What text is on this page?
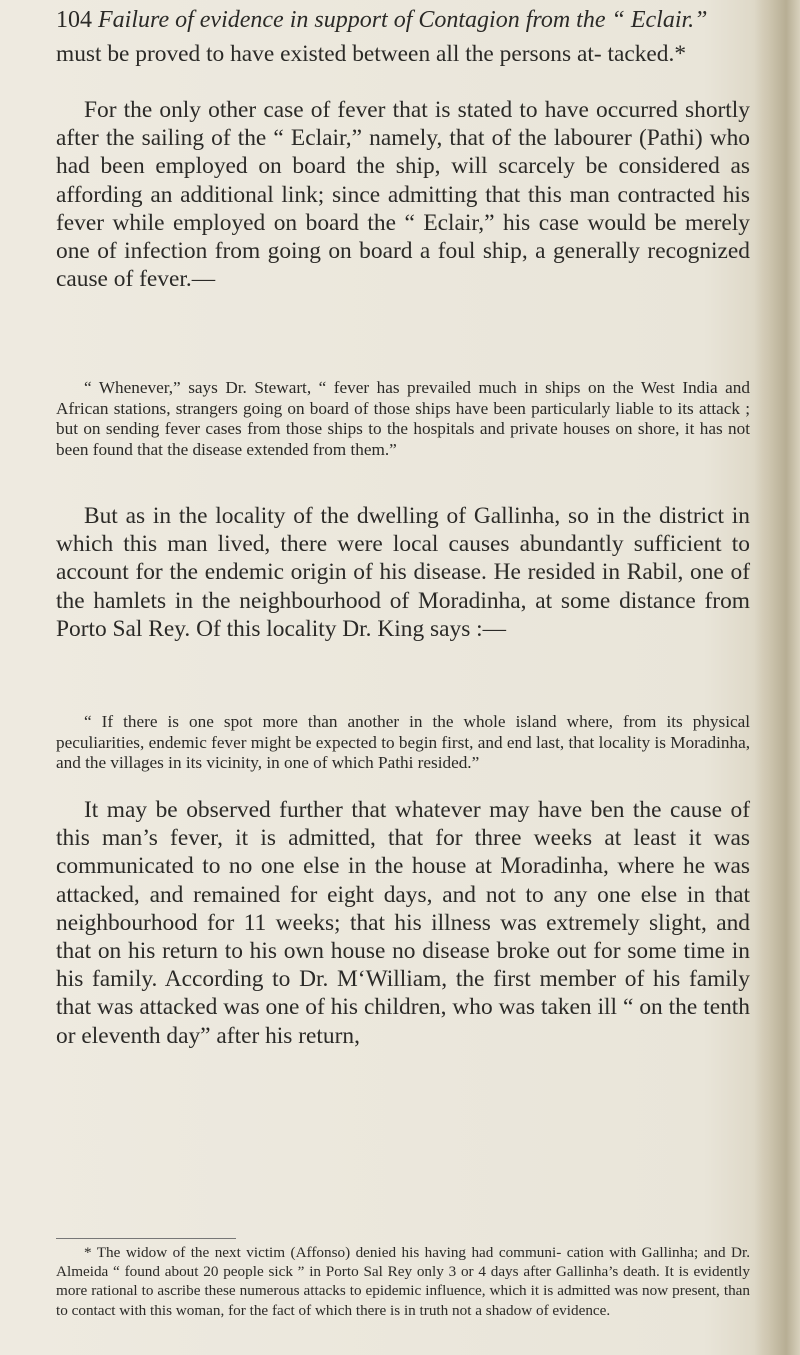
104 Failure of evidence in support of Contagion from the “ Eclair.”

must be proved to have existed between all the persons at- tacked.*

For the only other case of fever that is stated to have occurred shortly after the sailing of the “ Eclair,” namely, that of the labourer (Pathi) who had been employed on board the ship, will scarcely be considered as affording an additional link; since admitting that this man contracted his fever while employed on board the “ Eclair,” his case would be merely one of infection from going on board a foul ship, a generally recognized cause of fever.—

“ Whenever,” says Dr. Stewart, “ fever has prevailed much in ships on the West India and African stations, strangers going on board of those ships have been particularly liable to its attack ; but on sending fever cases from those ships to the hospitals and private houses on shore, it has not been found that the disease extended from them.”

But as in the locality of the dwelling of Gallinha, so in the district in which this man lived, there were local causes abundantly sufficient to account for the endemic origin of his disease. He resided in Rabil, one of the hamlets in the neighbourhood of Moradinha, at some distance from Porto Sal Rey. Of this locality Dr. King says :—

“ If there is one spot more than another in the whole island where, from its physical peculiarities, endemic fever might be expected to begin first, and end last, that locality is Moradinha, and the villages in its vicinity, in one of which Pathi resided.”

It may be observed further that whatever may have ben the cause of this man’s fever, it is admitted, that for three weeks at least it was communicated to no one else in the house at Moradinha, where he was attacked, and remained for eight days, and not to any one else in that neighbourhood for 11 weeks; that his illness was extremely slight, and that on his return to his own house no disease broke out for some time in his family. According to Dr. M‘William, the first member of his family that was attacked was one of his children, who was taken ill “ on the tenth or eleventh day” after his return,

* The widow of the next victim (Affonso) denied his having had communi- cation with Gallinha; and Dr. Almeida “ found about 20 people sick ” in Porto Sal Rey only 3 or 4 days after Gallinha’s death. It is evidently more rational to ascribe these numerous attacks to epidemic influence, which it is admitted was now present, than to contact with this woman, for the fact of which there is in truth not a shadow of evidence.
